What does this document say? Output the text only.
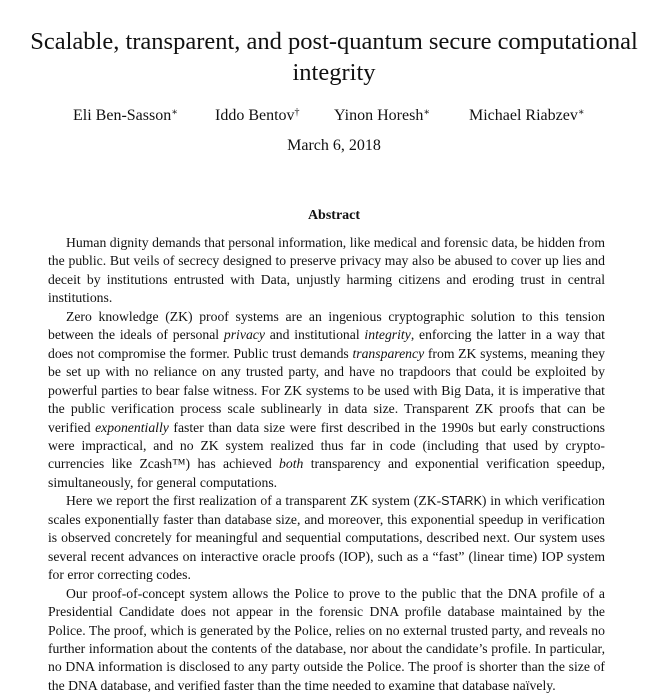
Scalable, transparent, and post-quantum secure computational integrity
Eli Ben-Sasson∗ Iddo Bentov† Yinon Horesh∗ Michael Riabzev∗
March 6, 2018
Abstract

Human dignity demands that personal information, like medical and forensic data, be hidden from the public. But veils of secrecy designed to preserve privacy may also be abused to cover up lies and deceit by institutions entrusted with Data, unjustly harming citizens and eroding trust in central institutions.

Zero knowledge (ZK) proof systems are an ingenious cryptographic solution to this tension between the ideals of personal privacy and institutional integrity, enforcing the latter in a way that does not compromise the former. Public trust demands transparency from ZK systems, meaning they be set up with no reliance on any trusted party, and have no trapdoors that could be exploited by powerful parties to bear false witness. For ZK systems to be used with Big Data, it is imperative that the public verification process scale sublinearly in data size. Transparent ZK proofs that can be verified exponentially faster than data size were first described in the 1990s but early constructions were impractical, and no ZK system realized thus far in code (including that used by crypto-currencies like Zcash™) has achieved both transparency and exponential verification speedup, simultaneously, for general computations.

Here we report the first realization of a transparent ZK system (ZK-STARK) in which verification scales exponentially faster than database size, and moreover, this exponential speedup in verification is observed concretely for meaningful and sequential computations, described next. Our system uses several recent advances on interactive oracle proofs (IOP), such as a “fast” (linear time) IOP system for error correcting codes.

Our proof-of-concept system allows the Police to prove to the public that the DNA profile of a Presidential Candidate does not appear in the forensic DNA profile database maintained by the Police. The proof, which is generated by the Police, relies on no external trusted party, and reveals no further information about the contents of the database, nor about the candidate’s profile. In particular, no DNA information is disclosed to any party outside the Police. The proof is shorter than the size of the DNA database, and verified faster than the time needed to examine that database naïvely.
